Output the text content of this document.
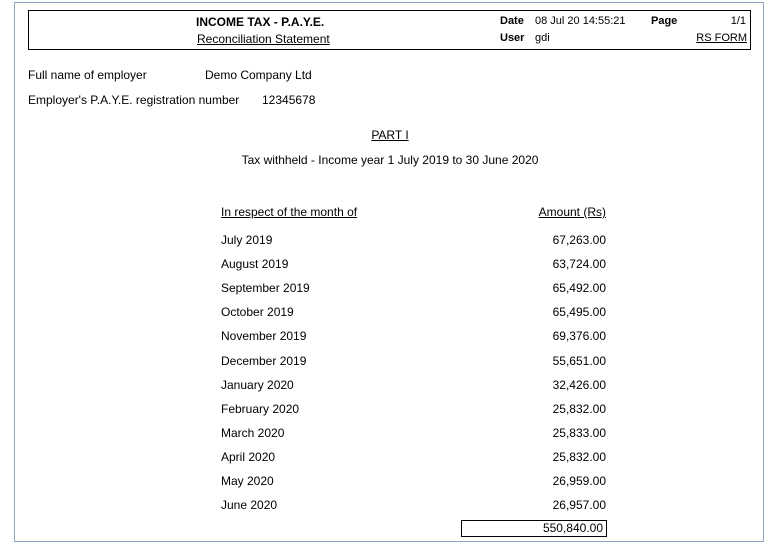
INCOME TAX - P.A.Y.E.
Reconciliation Statement
Date 08 Jul 20 14:55:21
User gdi
Page	1/1
RS FORM
Full name of employer	Demo Company Ltd
Employer's P.A.Y.E. registration number 12345678
PART I
Tax withheld - Income year 1 July 2019 to 30 June 2020
In respect of the month of	Amount (Rs)
July 2019	67,263.00
August 2019	63,724.00
September 2019	65,492.00
October 2019	65,495.00
November 2019	69,376.00
December 2019	55,651.00
January 2020	32,426.00
February 2020	25,832.00
March 2020	25,833.00
April 2020	25,832.00
May 2020	26,959.00
June 2020	26,957.00
550,840.00
